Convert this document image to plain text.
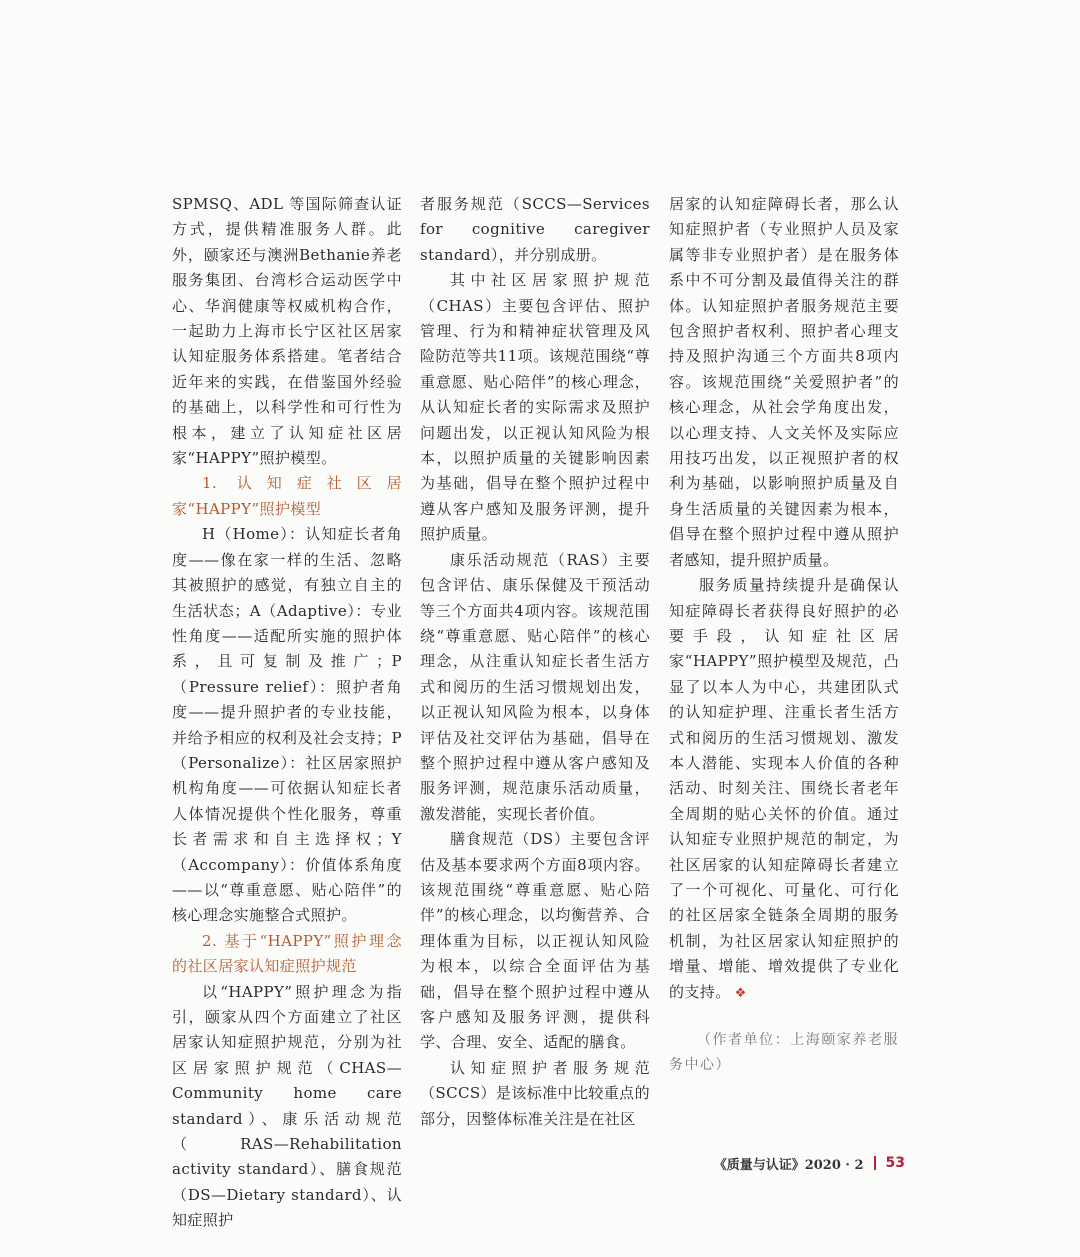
SPMSQ、ADL 等国际筛查认证方式，提供精准服务人群。此外，颐家还与澳洲Bethanie养老服务集团、台湾杉合运动医学中心、华润健康等权威机构合作，一起助力上海市长宁区社区居家认知症服务体系搭建。笔者结合近年来的实践，在借鉴国外经验的基础上，以科学性和可行性为根本，建立了认知症社区居家“HAPPY”照护模型。

1. 认知症社区居家“HAPPY”照护模型

H（Home）：认知症长者角度——像在家一样的生活、忽略其被照护的感觉，有独立自主的生活状态；A（Adaptive）：专业性角度——适配所实施的照护体系，且可复制及推广；P（Pressure relief）：照护者角度——提升照护者的专业技能，并给予相应的权利及社会支持；P（Personalize）：社区居家照护机构角度——可依据认知症长者人体情况提供个性化服务，尊重长者需求和自主选择权；Y（Accompany）：价值体系角度——以“尊重意愿、贴心陪伴”的核心理念实施整合式照护。

2. 基于“HAPPY”照护理念的社区居家认知症照护规范

以“HAPPY”照护理念为指引，颐家从四个方面建立了社区居家认知症照护规范，分别为社区居家照护规范（CHAS—Community home care standard）、康乐活动规范（RAS—Rehabilitation activity standard）、膳食规范（DS—Dietary standard）、认知症照护

者服务规范（SCCS—Services for cognitive caregiver standard），并分别成册。

其中社区居家照护规范（CHAS）主要包含评估、照护管理、行为和精神症状管理及风险防范等共11项。该规范围绕“尊重意愿、贴心陪伴”的核心理念，从认知症长者的实际需求及照护问题出发，以正视认知风险为根本，以照护质量的关键影响因素为基础，倡导在整个照护过程中遵从客户感知及服务评测，提升照护质量。

康乐活动规范（RAS）主要包含评估、康乐保健及干预活动等三个方面共4项内容。该规范围绕“尊重意愿、贴心陪伴”的核心理念，从注重认知症长者生活方式和阅历的生活习惯规划出发，以正视认知风险为根本，以身体评估及社交评估为基础，倡导在整个照护过程中遵从客户感知及服务评测，规范康乐活动质量，激发潜能，实现长者价值。

膳食规范（DS）主要包含评估及基本要求两个方面8项内容。该规范围绕“尊重意愿、贴心陪伴”的核心理念，以均衡营养、合理体重为目标，以正视认知风险为根本，以综合全面评估为基础，倡导在整个照护过程中遵从客户感知及服务评测，提供科学、合理、安全、适配的膳食。

认知症照护者服务规范（SCCS）是该标准中比较重点的部分，因整体标准关注是在社区

居家的认知症障碍长者，那么认知症照护者（专业照护人员及家属等非专业照护者）是在服务体系中不可分割及最值得关注的群体。认知症照护者服务规范主要包含照护者权利、照护者心理支持及照护沟通三个方面共8项内容。该规范围绕“关爱照护者”的核心理念，从社会学角度出发，以心理支持、人文关怀及实际应用技巧出发，以正视照护者的权利为基础，以影响照护质量及自身生活质量的关键因素为根本，倡导在整个照护过程中遵从照护者感知，提升照护质量。

服务质量持续提升是确保认知症障碍长者获得良好照护的必要手段，认知症社区居家“HAPPY”照护模型及规范，凸显了以本人为中心，共建团队式的认知症护理、注重长者生活方式和阅历的生活习惯规划、激发本人潜能、实现本人价值的各种活动、时刻关注、围绕长者老年全周期的贴心关怀的价值。通过认知症专业照护规范的制定，为社区居家的认知症障碍长者建立了一个可视化、可量化、可行化的社区居家全链条全周期的服务机制，为社区居家认知症照护的增量、增能、增效提供了专业化的支持。 ❖

（作者单位：上海颐家养老服务中心）
《质量与认证》2020 · 2 53
